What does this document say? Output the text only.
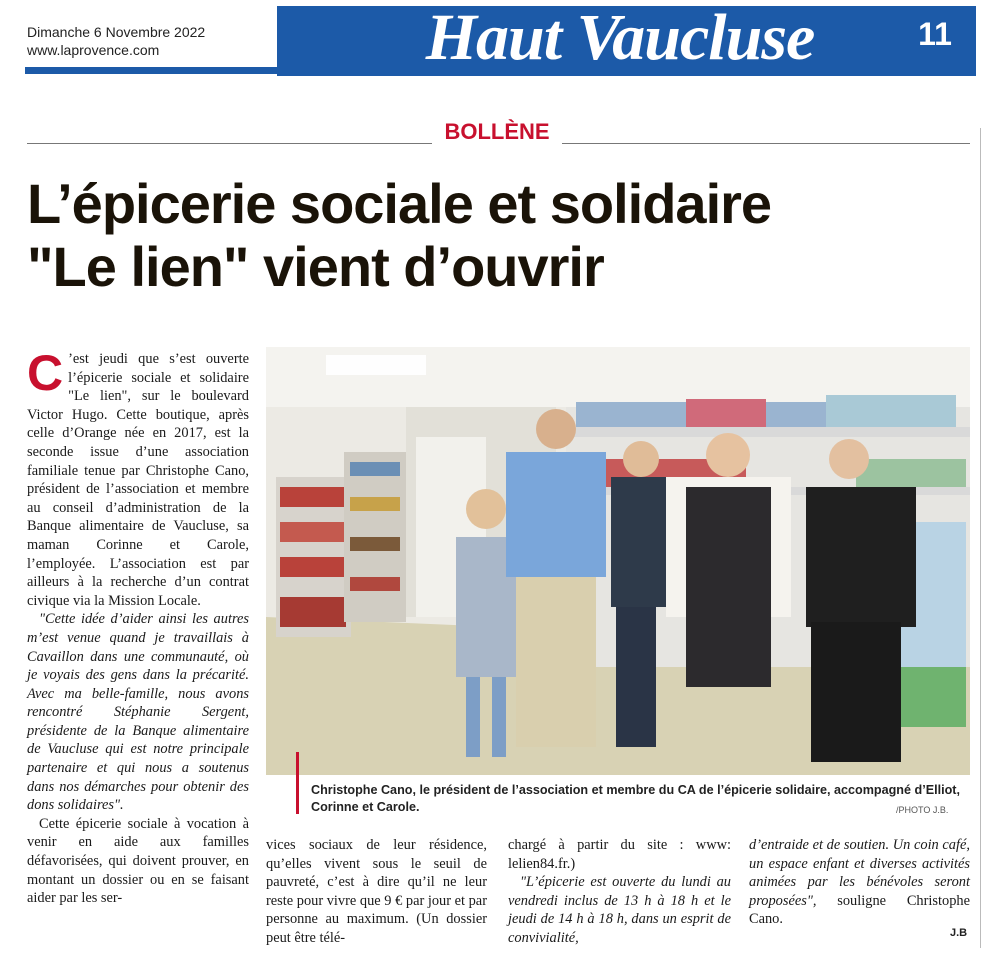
Dimanche 6 Novembre 2022
www.laprovence.com	Haut Vaucluse	11
BOLLÈNE
L’épicerie sociale et solidaire
"Le lien" vient d’ouvrir

C ’est jeudi que s’est ouverte l’épicerie sociale et solidaire "Le lien", sur le boulevard Victor Hugo. Cette boutique, après celle d’Orange née en 2017, est la seconde issue d’une association familiale tenue par Christophe Cano, président de l’association et membre au conseil d’administration de la Banque alimentaire de Vaucluse, sa maman Corinne et Carole, l’employée. L’association est par ailleurs à la recherche d’un contrat civique via la Mission Locale.

"Cette idée d’aider ainsi les autres m’est venue quand je travaillais à Cavaillon dans une communauté, où je voyais des gens dans la précarité. Avec ma belle-famille, nous avons rencontré Stéphanie Sergent, présidente de la Banque alimentaire de Vaucluse qui est notre principale partenaire et qui nous a soutenus dans nos démarches pour obtenir des dons solidaires".

Cette épicerie sociale à vocation à venir en aide aux familles défavorisées, qui doivent prouver, en montant un dossier ou en se faisant aider par les ser-

Christophe Cano, le président de l’association et membre du CA de l’épicerie solidaire, accompagné d’Elliot, Corinne et Carole.	/PHOTO J.B.

vices sociaux de leur résidence, qu’elles vivent sous le seuil de pauvreté, c’est à dire qu’il ne leur reste pour vivre que 9 € par jour et par personne au maximum. (Un dossier peut être télé-

chargé à partir du site : www: lelien84.fr.)

"L’épicerie est ouverte du lundi au vendredi inclus de 13 h à 18 h et le jeudi de 14 h à 18 h, dans un esprit de convivialité,

d’entraide et de soutien. Un coin café, un espace enfant et diverses activités animées par les bénévoles seront proposées", souligne Christophe Cano.

J.B
